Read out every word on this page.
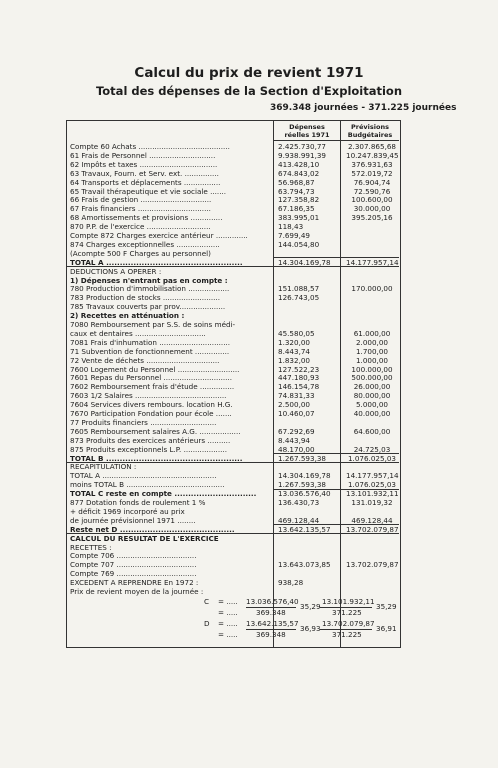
Calcul du prix de revient 1971
Total des dépenses de la Section d'Exploitation
369.348 journées - 371.225 journées
Dépenses réelles 1971
Prévisions Budgétaires
Compte 60 Achats ........................................	2.425.730,77	2.307.865,68
61 Frais de Personnel .............................	9.938.991,39	10.247.839,45
62 Impôts et taxes ..................................	413.428,10	376.931,63
63 Travaux, Fourn. et Serv. ext. ...............	674.843,02	572.019,72
64 Transports et déplacements ................	56.968,87	76.904,74
65 Travail thérapeutique et vie sociale .......	63.794,73	72.590,76
66 Frais de gestion ...............................	127.358,82	100.600,00
67 Frais financiers ................................	67.186,35	30.000,00
68 Amortissements et provisions ..............	383.995,01	395.205,16
870 P.P. de l'exercice ............................	118,43
Compte 872 Charges exercice antérieur ..............	7.699,49
874 Charges exceptionnelles ...................	144.054,80
(Acompte 500 F Charges au personnel)
TOTAL A ..................................................	14.304.169,78	14.177.957,14
DEDUCTIONS A OPERER :
1) Dépenses n'entrant pas en compte :
780 Production d'immobilisation ..................	151.088,57	170.000,00
783 Production de stocks .........................	126.743,05
785 Travaux couverts par prov....................
2) Recettes en atténuation :
7080 Remboursement par S.S. de soins médi-
caux et dentaires ...............................	45.580,05	61.000,00
7081 Frais d'inhumation ...............................	1.320,00	2.000,00
71 Subvention de fonctionnement ...............	8.443,74	1.700,00
72 Vente de déchets ................................	1.832,00	1.000,00
7600 Logement du Personnel ...........................	127.522,23	100.000,00
7601 Repas du Personnel ..............................	447.180,93	500.000,00
7602 Remboursement frais d'étude ...............	146.154,78	26.000,00
7603 1/2 Salaires ........................................	74.831,33	80.000,00
7604 Services divers rembours. location H.G.	2.500,00	5.000,00
7670 Participation Fondation pour école .......	10.460,07	40.000,00
77 Produits financiers .............................
7605 Remboursement salaires A.G. ..................	67.292,69	64.600,00
873 Produits des exercices antérieurs ..........	8.443,94
875 Produits exceptionnels L.P. ...................	48.170,00	24.725,03
TOTAL B ..................................................	1.267.593,38	1.076.025,03
RECAPITULATION :
TOTAL A ..................................................	14.304.169,78	14.177.957,14
moins TOTAL B ...........................................	1.267.593,38	1.076.025,03
TOTAL C reste en compte ..............................	13.036.576,40	13.101.932,11
877 Dotation fonds de roulement 1 %	136.430,73	131.019,32
+ déficit 1969 incorporé au prix
de journée prévisionnel 1971 ........	469.128,44	469.128,44
Reste net D ..........................................	13.642.135,57	13.702.079,87
CALCUL DU RESULTAT DE L'EXERCICE
RECETTES :
Compte 706 ...................................
Compte 707 ...................................	13.643.073,85	13.702.079,87
Compte 769 ...................................
EXCEDENT A REPRENDRE En 1972 :	938,28
Prix de revient moyen de la journée :
C = ..... 13.036.576,40
369.348
35,29
= .....
13.101.932,11
371.225
35,29
D = ..... 13.642.135,57
369.348
36,93
= .....
13.702.079,87
371.225
36,91
